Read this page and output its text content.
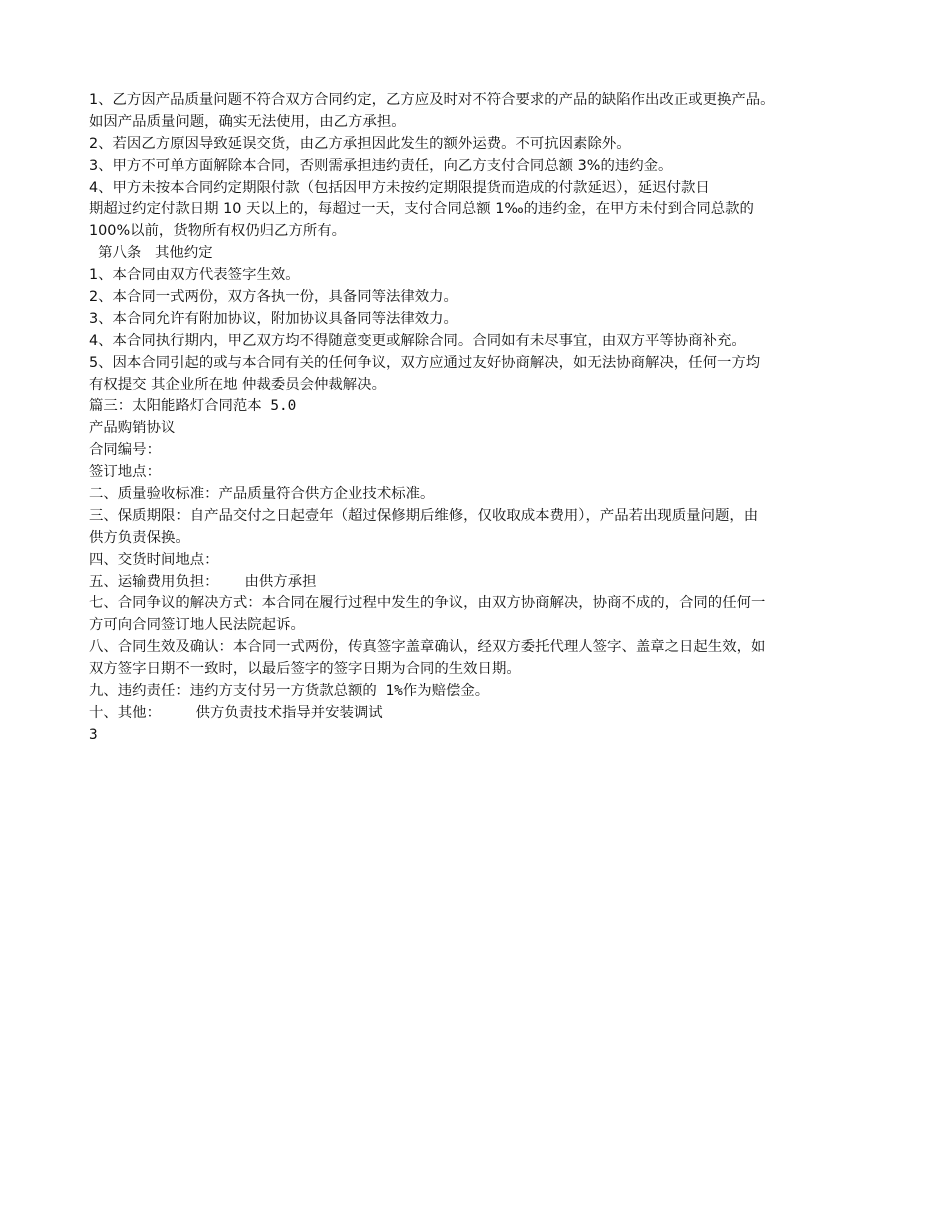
1、乙方因产品质量问题不符合双方合同约定，乙方应及时对不符合要求的产品的缺陷作出改正或更换产品。
如因产品质量问题，确实无法使用，由乙方承担。
2、若因乙方原因导致延误交货，由乙方承担因此发生的额外运费。不可抗因素除外。
3、甲方不可单方面解除本合同，否则需承担违约责任，向乙方支付合同总额 3%的违约金。
4、甲方未按本合同约定期限付款（包括因甲方未按约定期限提货而造成的付款延迟），延迟付款日
期超过约定付款日期 10 天以上的，每超过一天，支付合同总额 1‰的违约金，在甲方未付到合同总款的
100%以前，货物所有权仍归乙方所有。
第八条   其他约定
1、本合同由双方代表签字生效。
2、本合同一式两份，双方各执一份，具备同等法律效力。
3、本合同允许有附加协议，附加协议具备同等法律效力。
4、本合同执行期内，甲乙双方均不得随意变更或解除合同。合同如有未尽事宜，由双方平等协商补充。
5、因本合同引起的或与本合同有关的任何争议，双方应通过友好协商解决，如无法协商解决，任何一方均
有权提交 其企业所在地 仲裁委员会仲裁解决。
篇三：太阳能路灯合同范本 5.0
产品购销协议
合同编号：
签订地点：
二、质量验收标准：产品质量符合供方企业技术标准。
三、保质期限：自产品交付之日起壹年（超过保修期后维修，仅收取成本费用），产品若出现质量问题，由
供方负责保换。
四、交货时间地点：
五、运输费用负担：   由供方承担
七、合同争议的解决方式：本合同在履行过程中发生的争议，由双方协商解决，协商不成的，合同的任何一
方可向合同签订地人民法院起诉。
八、合同生效及确认：本合同一式两份，传真签字盖章确认，经双方委托代理人签字、盖章之日起生效，如
双方签字日期不一致时，以最后签字的签字日期为合同的生效日期。
九、违约责任：违约方支付另一方货款总额的 1%作为赔偿金。
十、其他：    供方负责技术指导并安装调试
3
